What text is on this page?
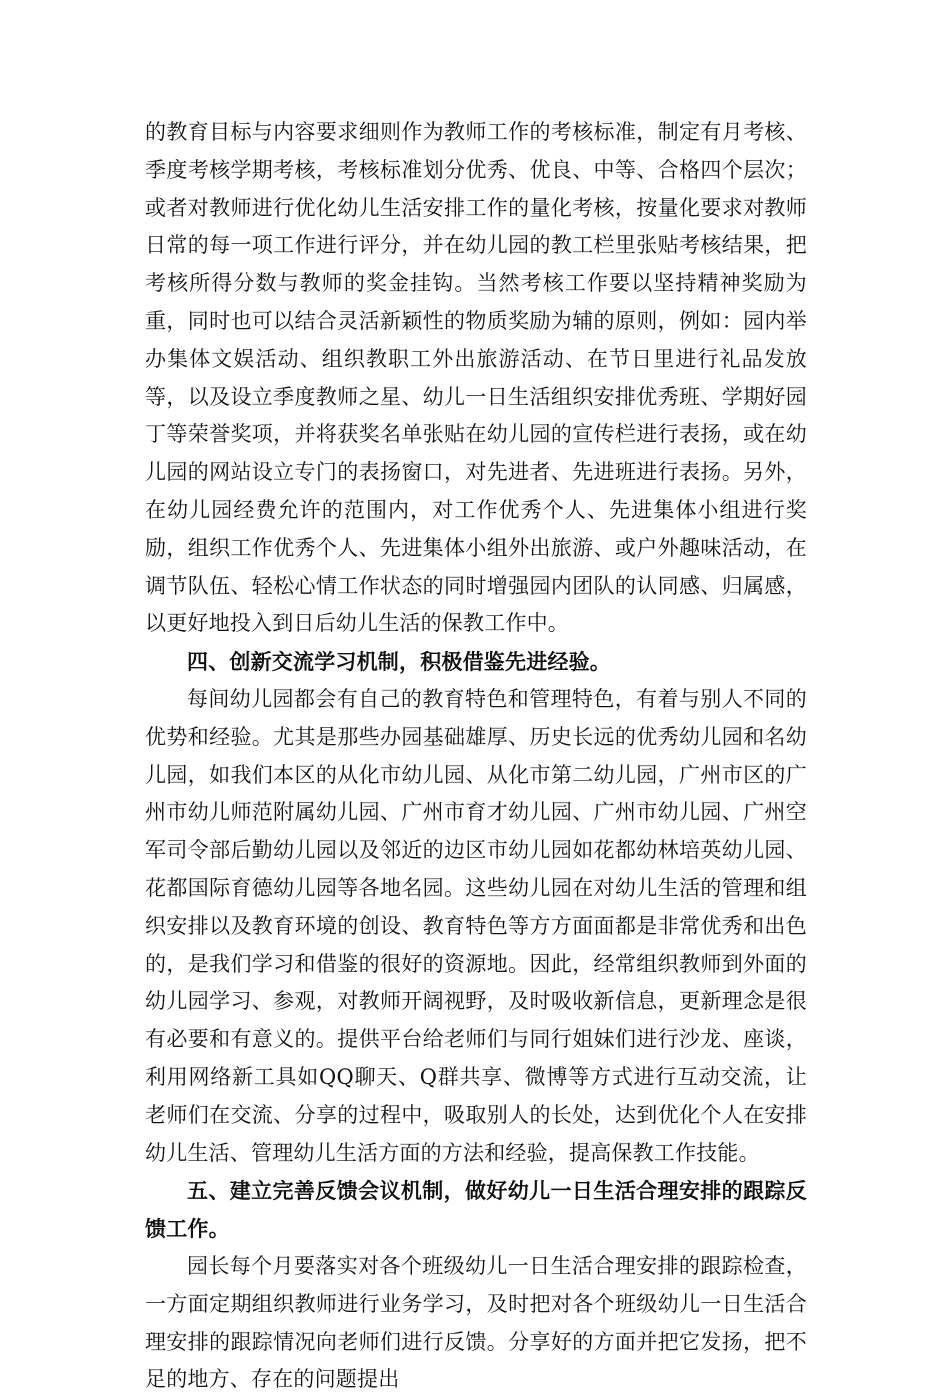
的教育目标与内容要求细则作为教师工作的考核标准，制定有月考核、季度考核学期考核，考核标准划分优秀、优良、中等、合格四个层次；或者对教师进行优化幼儿生活安排工作的量化考核，按量化要求对教师日常的每一项工作进行评分，并在幼儿园的教工栏里张贴考核结果，把考核所得分数与教师的奖金挂钩。当然考核工作要以坚持精神奖励为重，同时也可以结合灵活新颖性的物质奖励为辅的原则，例如：园内举办集体文娱活动、组织教职工外出旅游活动、在节日里进行礼品发放等，以及设立季度教师之星、幼儿一日生活组织安排优秀班、学期好园丁等荣誉奖项，并将获奖名单张贴在幼儿园的宣传栏进行表扬，或在幼儿园的网站设立专门的表扬窗口，对先进者、先进班进行表扬。另外，在幼儿园经费允许的范围内，对工作优秀个人、先进集体小组进行奖励，组织工作优秀个人、先进集体小组外出旅游、或户外趣味活动，在调节队伍、轻松心情工作状态的同时增强园内团队的认同感、归属感，以更好地投入到日后幼儿生活的保教工作中。

四、创新交流学习机制，积极借鉴先进经验。

每间幼儿园都会有自己的教育特色和管理特色，有着与别人不同的优势和经验。尤其是那些办园基础雄厚、历史长远的优秀幼儿园和名幼儿园，如我们本区的从化市幼儿园、从化市第二幼儿园，广州市区的广州市幼儿师范附属幼儿园、广州市育才幼儿园、广州市幼儿园、广州空军司令部后勤幼儿园以及邻近的边区市幼儿园如花都幼林培英幼儿园、花都国际育德幼儿园等各地名园。这些幼儿园在对幼儿生活的管理和组织安排以及教育环境的创设、教育特色等方方面面都是非常优秀和出色的，是我们学习和借鉴的很好的资源地。因此，经常组织教师到外面的幼儿园学习、参观，对教师开阔视野，及时吸收新信息，更新理念是很有必要和有意义的。提供平台给老师们与同行姐妹们进行沙龙、座谈，利用网络新工具如QQ聊天、Q群共享、微博等方式进行互动交流，让老师们在交流、分享的过程中，吸取别人的长处，达到优化个人在安排幼儿生活、管理幼儿生活方面的方法和经验，提高保教工作技能。

五、建立完善反馈会议机制，做好幼儿一日生活合理安排的跟踪反馈工作。

园长每个月要落实对各个班级幼儿一日生活合理安排的跟踪检查，一方面定期组织教师进行业务学习，及时把对各个班级幼儿一日生活合理安排的跟踪情况向老师们进行反馈。分享好的方面并把它发扬，把不足的地方、存在的问题提出
